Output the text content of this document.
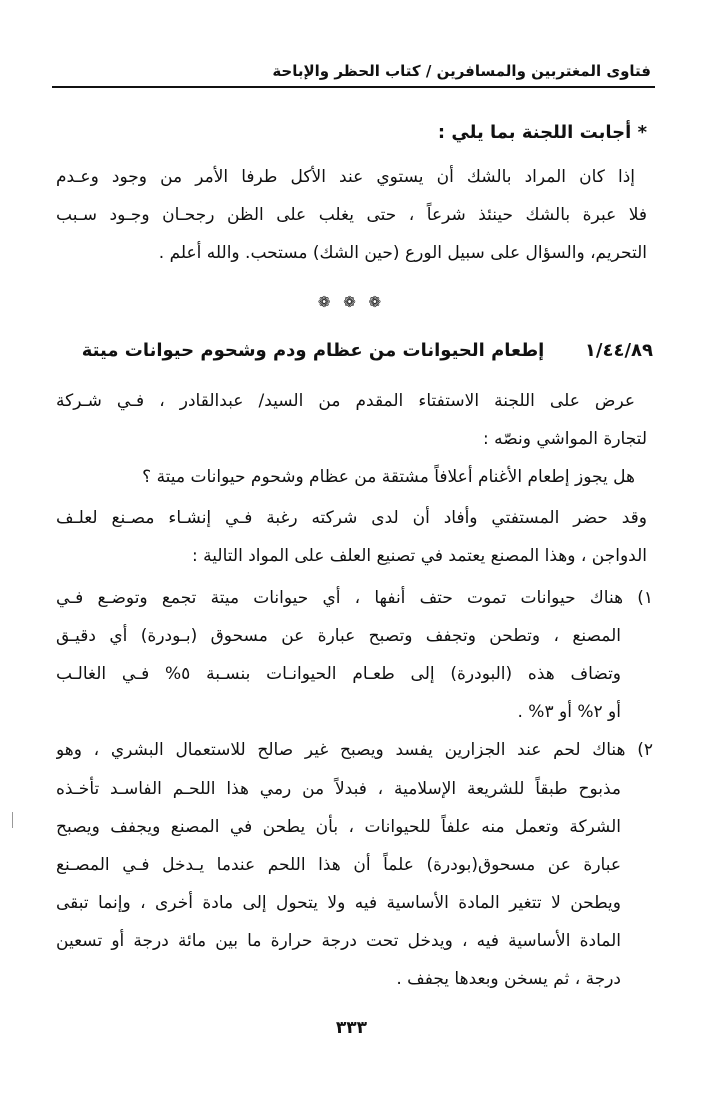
فتاوى المغتربين والمسافرين / كتاب الحظر والإباحة
* أجابت اللجنة بما يلي :
إذا كان المراد بالشك أن يستوي عند الأكل طرفا الأمر من وجود وعـدم
فلا عبرة بالشك حينئذ شرعاً ، حتى يغلب على الظن رجحـان وجـود سـبب
التحريم، والسؤال على سبيل الورع (حين الشك) مستحب. والله أعلم .
❁ ❁ ❁
١/٤٤/٨٩  إطعام الحيوانات من عظام ودم وشحوم حيوانات ميتة
عرض على اللجنة الاستفتاء المقدم من السيد/ عبدالقادر ، فـي شـركة
لتجارة المواشي ونصّه :
هل يجوز إطعام الأغنام أعلافاً مشتقة من عظام وشحوم حيوانات ميتة ؟
وقد حضر المستفتي وأفاد أن لدى شركته رغبة فـي إنشـاء مصـنع لعلـف
الدواجن ، وهذا المصنع يعتمد في تصنيع العلف على المواد التالية :
١) هناك حيوانات تموت حتف أنفها ، أي حيوانات ميتة تجمع وتوضـع فـي
المصنع ، وتطحن وتجفف وتصبح عبارة عن مسحوق (بـودرة) أي دقيـق
وتضاف هذه (البودرة) إلى طعـام الحيوانـات بنسـبة ٥% فـي الغالـب
أو ٢% أو ٣% .
٢) هناك لحم عند الجزارين يفسد ويصبح غير صالح للاستعمال البشري ، وهو
مذبوح طبقاً للشريعة الإسلامية ، فبدلاً من رمي هذا اللحـم الفاسـد تأخـذه
الشركة وتعمل منه علفاً للحيوانات ، بأن يطحن في المصنع ويجفف ويصبح
عبارة عن مسحوق(بودرة) علماً أن هذا اللحم عندما يـدخل فـي المصـنع
ويطحن لا تتغير المادة الأساسية فيه ولا يتحول إلى مادة أخرى ، وإنما تبقى
المادة الأساسية فيه ، ويدخل تحت درجة حرارة ما بين مائة درجة أو تسعين
درجة ، ثم يسخن وبعدها يجفف .
٣٣٣
